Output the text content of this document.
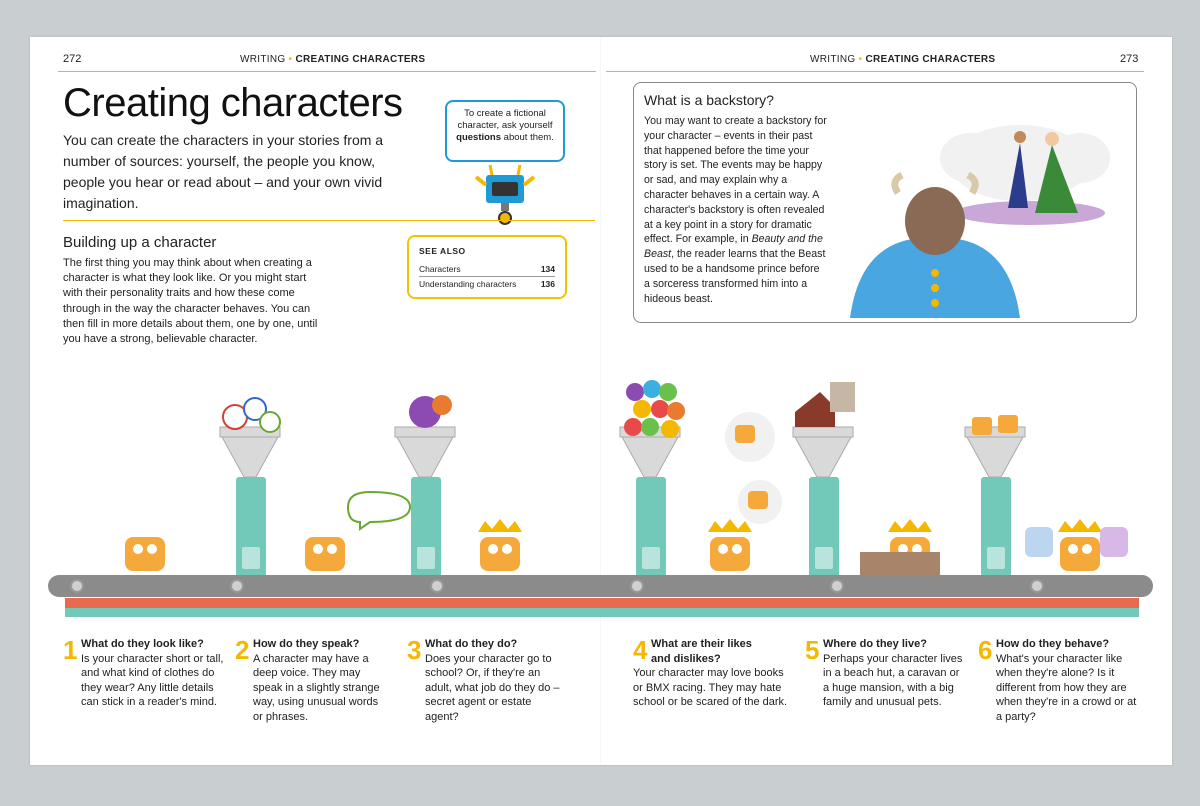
272	WRITING • CREATING CHARACTERS	WRITING • CREATING CHARACTERS	273
Creating characters

You can create the characters in your stories from a number of sources: yourself, the people you know, people you hear or read about – and your own vivid imagination.

To create a fictional character, ask yourself questions about them.
Building up a character

The first thing you may think about when creating a character is what they look like. Or you might start with their personality traits and how these come through in the way the character behaves. You can then fill in more details about them, one by one, until you have a strong, believable character.

SEE ALSO
Characters	134
Understanding characters	136
What is a backstory?

You may want to create a backstory for your character – events in their past that happened before the time your story is set. The events may be happy or sad, and may explain why a character behaves in a certain way. A character's backstory is often revealed at a key point in a story for dramatic effect. For example, in Beauty and the Beast, the reader learns that the Beast used to be a handsome prince before a sorceress transformed him into a hideous beast.

1 What do they look like?
Is your character short or tall, and what kind of clothes do they wear? Any little details can stick in a reader's mind.
2 How do they speak?
A character may have a deep voice. They may speak in a slightly strange way, using unusual words or phrases.
3 What do they do?
Does your character go to school? Or, if they're an adult, what job do they do – secret agent or estate agent?
4 What are their likes and dislikes?
Your character may love books or BMX racing. They may hate school or be scared of the dark.
5 Where do they live?
Perhaps your character lives in a beach hut, a caravan or a huge mansion, with a big family and unusual pets.
6 How do they behave?
What's your character like when they're alone? Is it different from how they are when they're in a crowd or at a party?
